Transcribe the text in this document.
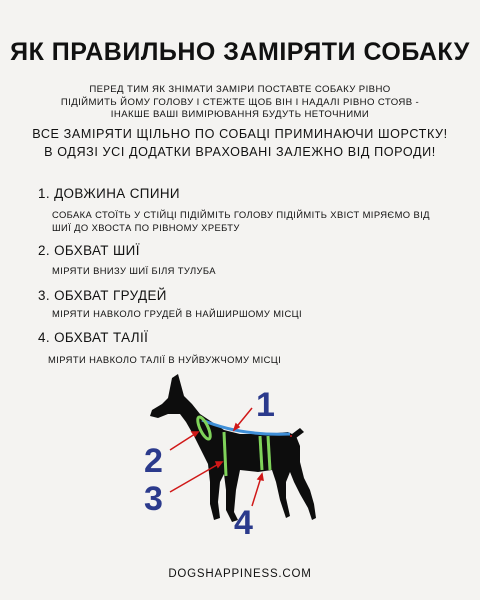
ЯК ПРАВИЛЬНО ЗАМІРЯТИ СОБАКУ
ПЕРЕД ТИМ ЯК ЗНІМАТИ ЗАМІРИ ПОСТАВТЕ СОБАКУ РІВНО ПІДІЙМИТЬ ЙОМУ ГОЛОВУ І СТЕЖТЕ ЩОБ ВІН І НАДАЛІ РІВНО СТОЯВ - ІНАКШЕ ВАШІ ВИМІРЮВАННЯ БУДУТЬ НЕТОЧНИМИ
ВСЕ ЗАМІРЯТИ ЩІЛЬНО ПО СОБАЦІ ПРИМИНАЮЧИ ШОРСТКУ!
В ОДЯЗІ УСІ ДОДАТКИ ВРАХОВАНІ ЗАЛЕЖНО ВІД ПОРОДИ!
1. ДОВЖИНА СПИНИ
СОБАКА СТОЇТЬ У СТІЙЦІ ПІДІЙМІТЬ ГОЛОВУ ПІДІЙМІТЬ ХВІСТ МІРЯЄМО ВІД ШИЇ ДО ХВОСТА ПО РІВНОМУ ХРЕБТУ
2. ОБХВАТ ШИЇ
МІРЯТИ ВНИЗУ ШИЇ БІЛЯ ТУЛУБА
3. ОБХВАТ ГРУДЕЙ
МІРЯТИ НАВКОЛО ГРУДЕЙ В НАЙШИРШОМУ МІСЦІ
4. ОБХВАТ ТАЛІЇ
МІРЯТИ НАВКОЛО ТАЛІЇ В НУЙВУЖЧОМУ МІСЦІ
1
2
3
4
DOGSHAPPINESS.COM
